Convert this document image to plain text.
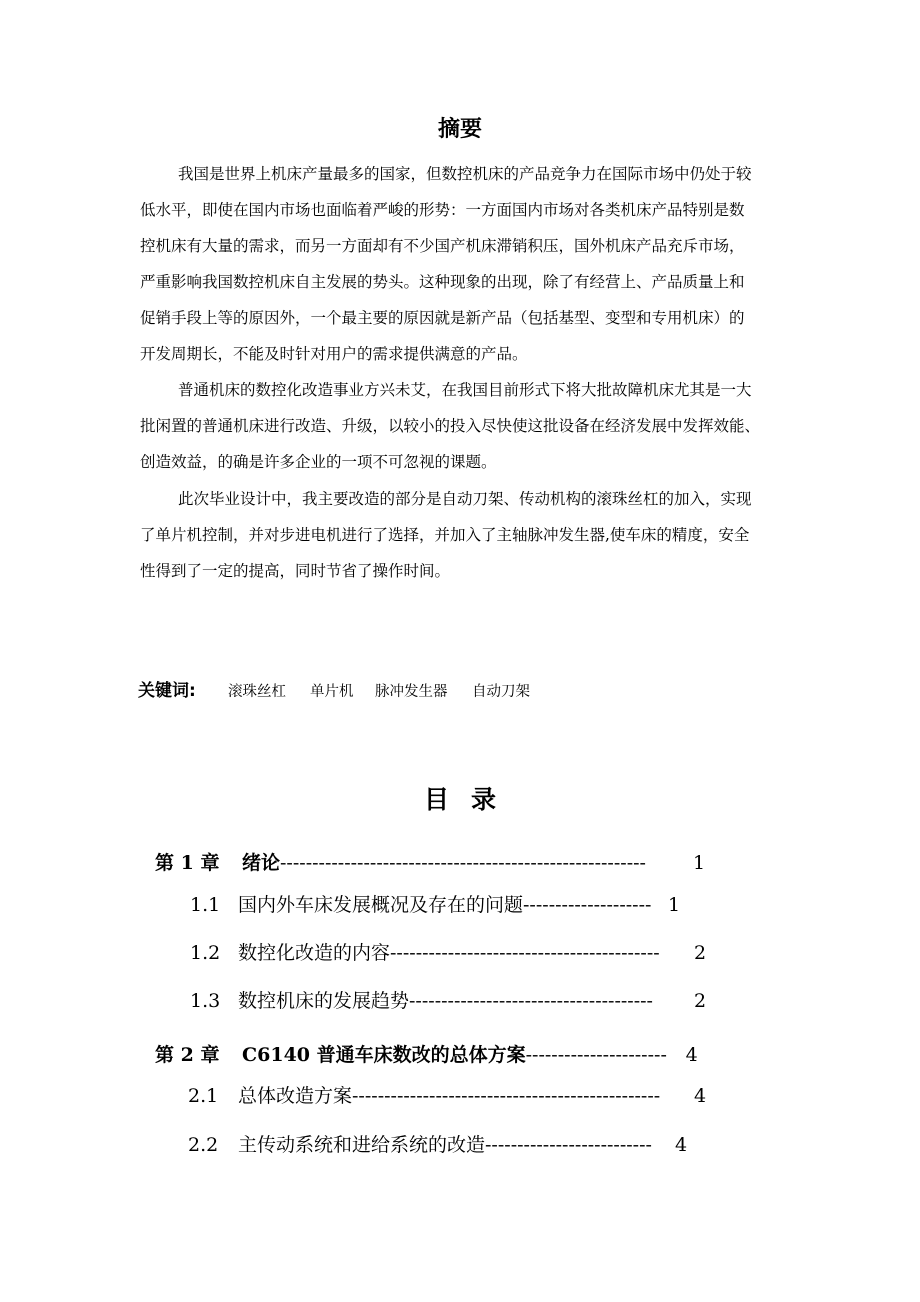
摘要
我国是世界上机床产量最多的国家，但数控机床的产品竞争力在国际市场中仍处于较
低水平，即使在国内市场也面临着严峻的形势：一方面国内市场对各类机床产品特别是数
控机床有大量的需求，而另一方面却有不少国产机床滞销积压，国外机床产品充斥市场，
严重影响我国数控机床自主发展的势头。这种现象的出现，除了有经营上、产品质量上和
促销手段上等的原因外，一个最主要的原因就是新产品（包括基型、变型和专用机床）的
开发周期长，不能及时针对用户的需求提供满意的产品。
普通机床的数控化改造事业方兴未艾，在我国目前形式下将大批故障机床尤其是一大
批闲置的普通机床进行改造、升级，以较小的投入尽快使这批设备在经济发展中发挥效能、
创造效益，的确是许多企业的一项不可忽视的课题。
此次毕业设计中，我主要改造的部分是自动刀架、传动机构的滚珠丝杠的加入，实现
了单片机控制，并对步进电机进行了选择，并加入了主轴脉冲发生器,使车床的精度，安全
性得到了一定的提高，同时节省了操作时间。
关键词: 滚珠丝杠 单片机 脉冲发生器 自动刀架
目录
第 1 章	绪论 ---------------------------------------------------------	1
1.1 国内外车床发展概况及存在的问题 -------------------- 1
1.2 数控化改造的内容 ------------------------------------------	2
1.3 数控机床的发展趋势 --------------------------------------	2
第 2 章	C6140 普通车床数改的总体方案 ---------------------- 4
2.1	总体改造方案 ------------------------------------------------	4
2.2	主传动系统和进给系统的改造 --------------------------	4
